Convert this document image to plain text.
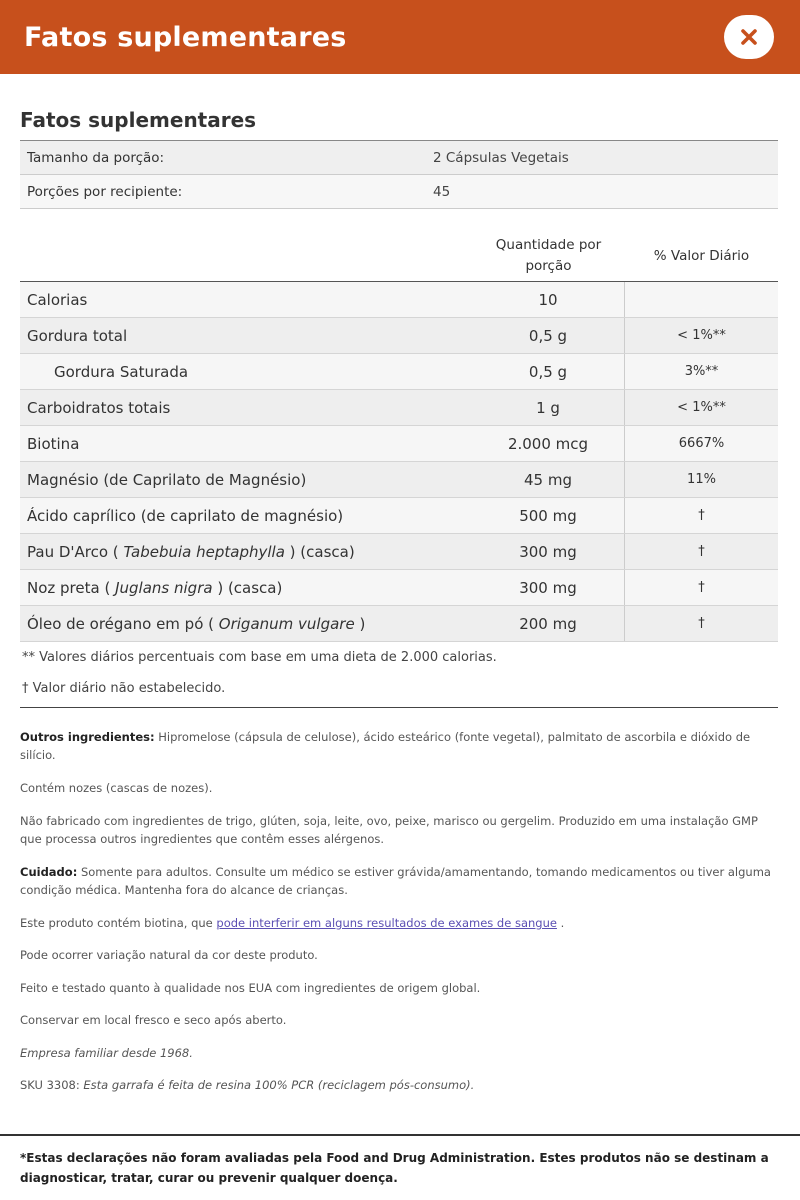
Fatos suplementares
Fatos suplementares
Tamanho da porção:	2 Cápsulas Vegetais
Porções por recipiente:	45
Quantidade por porção
% Valor Diário
Calorias	10
Gordura total	0,5 g	< 1%**
Gordura Saturada	0,5 g	3%**
Carboidratos totais	1 g	< 1%**
Biotina	2.000 mcg	6667%
Magnésio (de Caprilato de Magnésio)	45 mg	11%
Ácido caprílico (de caprilato de magnésio)	500 mg	†
Pau D'Arco ( Tabebuia heptaphylla ) (casca)	300 mg	†
Noz preta ( Juglans nigra ) (casca)	300 mg	†
Óleo de orégano em pó ( Origanum vulgare )	200 mg	†
** Valores diários percentuais com base em uma dieta de 2.000 calorias.
† Valor diário não estabelecido.
Outros ingredientes: Hipromelose (cápsula de celulose), ácido esteárico (fonte vegetal), palmitato de ascorbila e dióxido de silício.
Contém nozes (cascas de nozes).
Não fabricado com ingredientes de trigo, glúten, soja, leite, ovo, peixe, marisco ou gergelim. Produzido em uma instalação GMP que processa outros ingredientes que contêm esses alérgenos.
Cuidado: Somente para adultos. Consulte um médico se estiver grávida/amamentando, tomando medicamentos ou tiver alguma condição médica. Mantenha fora do alcance de crianças.
Este produto contém biotina, que pode interferir em alguns resultados de exames de sangue .
Pode ocorrer variação natural da cor deste produto.
Feito e testado quanto à qualidade nos EUA com ingredientes de origem global.
Conservar em local fresco e seco após aberto.
Empresa familiar desde 1968.
SKU 3308: Esta garrafa é feita de resina 100% PCR (reciclagem pós-consumo).
*Estas declarações não foram avaliadas pela Food and Drug Administration. Estes produtos não se destinam a diagnosticar, tratar, curar ou prevenir qualquer doença.
